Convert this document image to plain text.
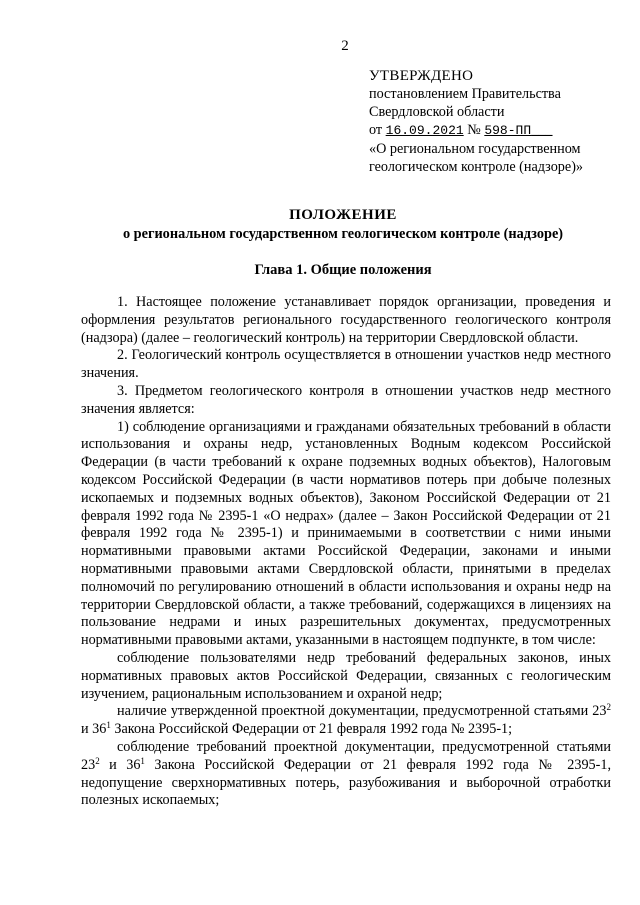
2
УТВЕРЖДЕНО
постановлением Правительства
Свердловской области
от 16.09.2021 № 598-ПП___
«О региональном государственном геологическом контроле (надзоре)»
ПОЛОЖЕНИЕ
о региональном государственном геологическом контроле (надзоре)
Глава 1. Общие положения

1. Настоящее положение устанавливает порядок организации, проведения и оформления результатов регионального государственного геологического контроля (надзора) (далее – геологический контроль) на территории Свердловской области.

2. Геологический контроль осуществляется в отношении участков недр местного значения.

3. Предметом геологического контроля в отношении участков недр местного значения является:

1) соблюдение организациями и гражданами обязательных требований в области использования и охраны недр, установленных Водным кодексом Российской Федерации (в части требований к охране подземных водных объектов), Налоговым кодексом Российской Федерации (в части нормативов потерь при добыче полезных ископаемых и подземных водных объектов), Законом Российской Федерации от 21 февраля 1992 года № 2395-1 «О недрах» (далее – Закон Российской Федерации от 21 февраля 1992 года № 2395-1) и принимаемыми в соответствии с ними иными нормативными правовыми актами Российской Федерации, законами и иными нормативными правовыми актами Свердловской области, принятыми в пределах полномочий по регулированию отношений в области использования и охраны недр на территории Свердловской области, а также требований, содержащихся в лицензиях на пользование недрами и иных разрешительных документах, предусмотренных нормативными правовыми актами, указанными в настоящем подпункте, в том числе:

соблюдение пользователями недр требований федеральных законов, иных нормативных правовых актов Российской Федерации, связанных с геологическим изучением, рациональным использованием и охраной недр;

наличие утвержденной проектной документации, предусмотренной статьями $23^2$ и $36^1$ Закона Российской Федерации от 21 февраля 1992 года № 2395-1;

соблюдение требований проектной документации, предусмотренной статьями $23^2$ и $36^1$ Закона Российской Федерации от 21 февраля 1992 года № 2395-1, недопущение сверхнормативных потерь, разубоживания и выборочной отработки полезных ископаемых;
